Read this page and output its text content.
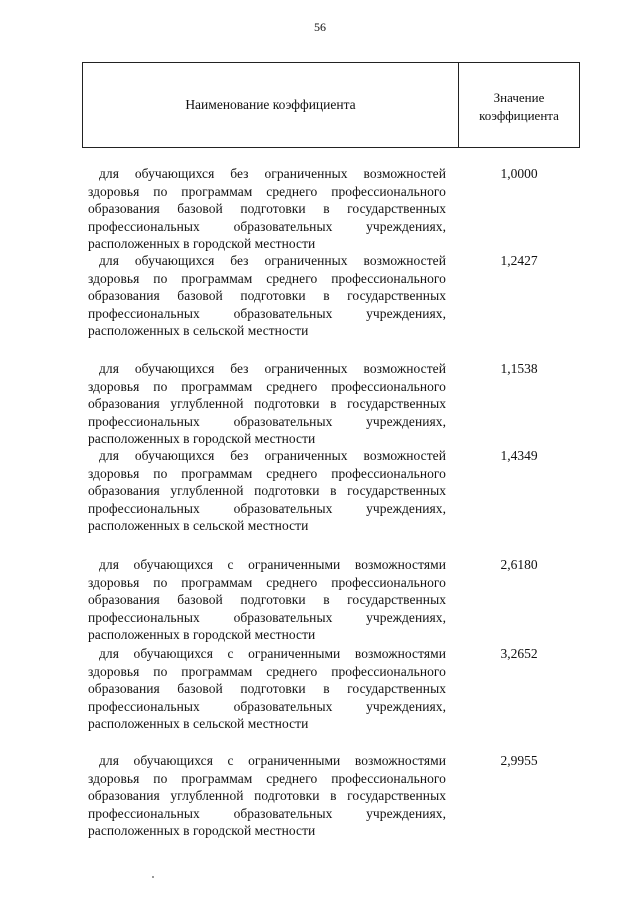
56
Наименование коэффициента	Значение
коэффициента
для обучающихся без ограниченных возможностей здоровья по программам среднего профессионального образования базовой подготовки в государственных профессиональных образовательных учреждениях, расположенных в городской местности
1,0000
для обучающихся без ограниченных возможностей здоровья по программам среднего профессионального образования базовой подготовки в государственных профессиональных образовательных учреждениях, расположенных в сельской местности
1,2427
для обучающихся без ограниченных возможностей здоровья по программам среднего профессионального образования углубленной подготовки в государственных профессиональных образовательных учреждениях, расположенных в городской местности
1,1538
для обучающихся без ограниченных возможностей здоровья по программам среднего профессионального образования углубленной подготовки в государственных профессиональных образовательных учреждениях, расположенных в сельской местности
1,4349
для обучающихся с ограниченными возможностями здоровья по программам среднего профессионального образования базовой подготовки в государственных профессиональных образовательных учреждениях, расположенных в городской местности
2,6180
для обучающихся с ограниченными возможностями здоровья по программам среднего профессионального образования базовой подготовки в государственных профессиональных образовательных учреждениях, расположенных в сельской местности
3,2652
для обучающихся с ограниченными возможностями здоровья по программам среднего профессионального образования углубленной подготовки в государственных профессиональных образовательных учреждениях, расположенных в городской местности
2,9955
